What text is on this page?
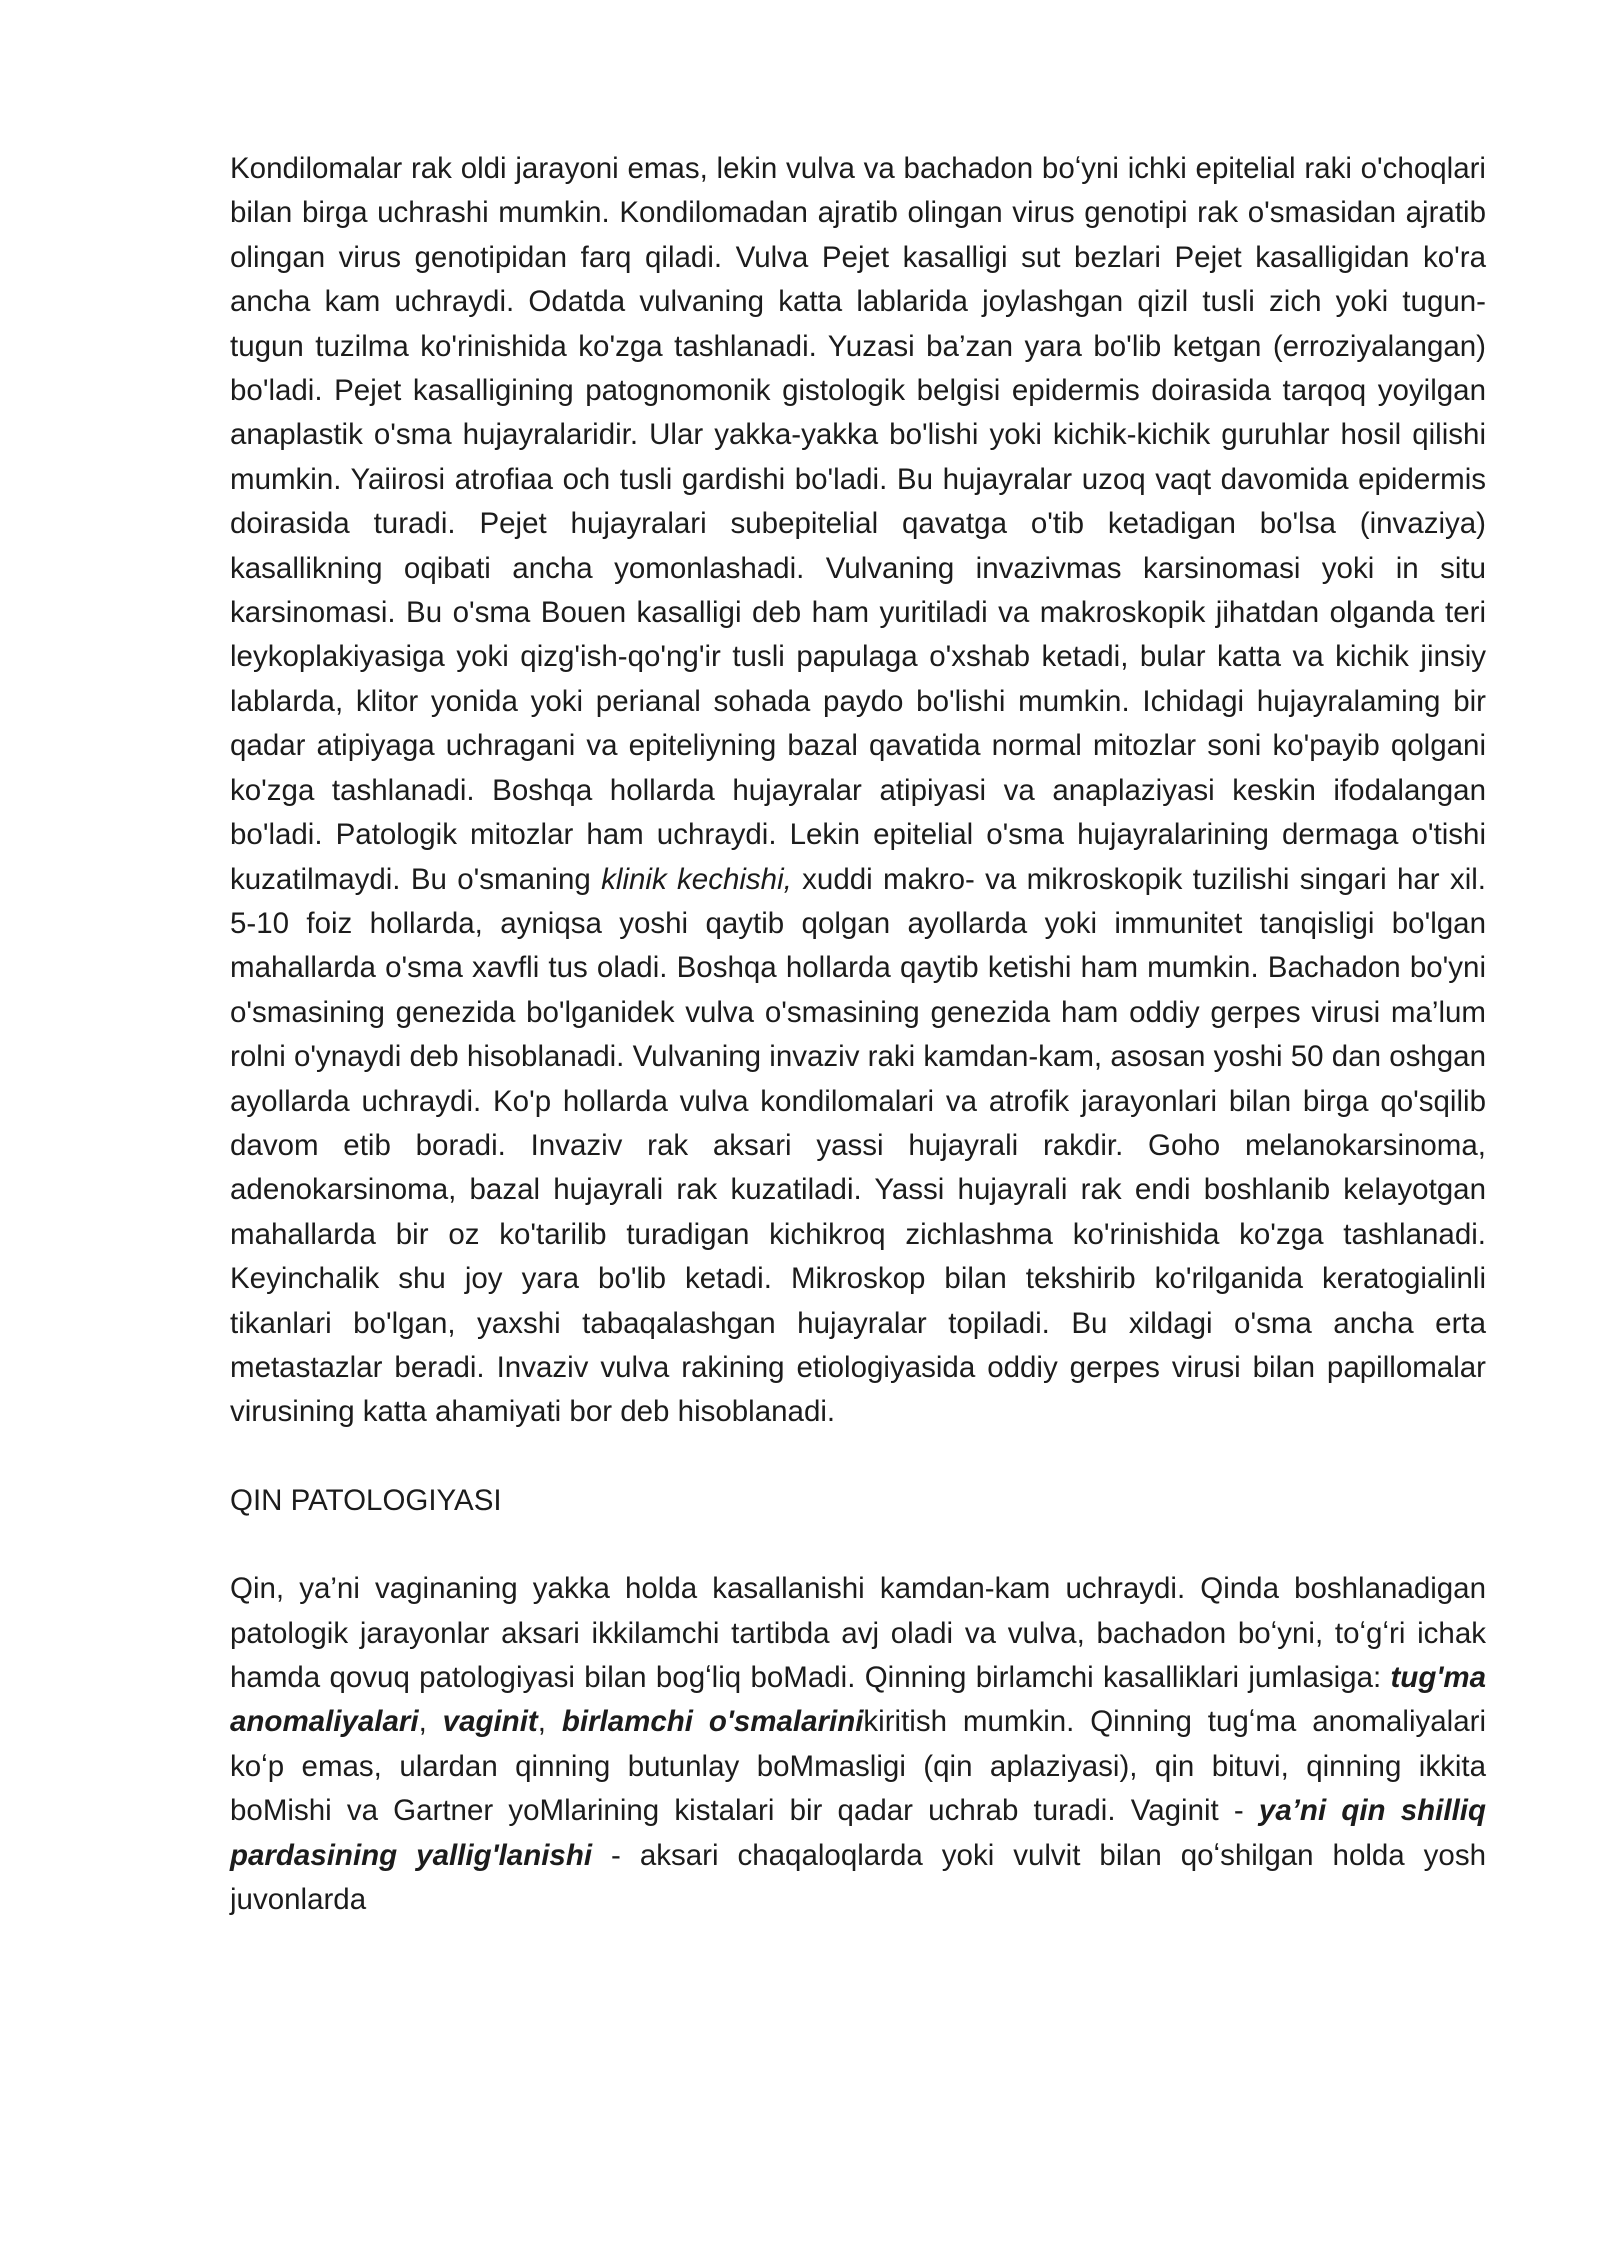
Kondilomalar rak oldi jarayoni emas, lekin vulva va bachadon boʻyni ichki epitelial raki o'choqlari bilan birga uchrashi mumkin. Kondilomadan ajratib olingan virus genotipi rak o'smasidan ajratib olingan virus genotipidan farq qiladi. Vulva Pejet kasalligi sut bezlari Pejet kasalligidan ko'ra ancha kam uchraydi. Odatda vulvaning katta lablarida joylashgan qizil tusli zich yoki tugun-tugun tuzilma ko'rinishida ko'zga tashlanadi. Yuzasi ba’zan yara bo'lib ketgan (erroziyalangan) bo'ladi. Pejet kasalligining patognomonik gistologik belgisi epidermis doirasida tarqoq yoyilgan anaplastik o'sma hujayralaridir. Ular yakka-yakka bo'lishi yoki kichik-kichik guruhlar hosil qilishi mumkin. Yaiirosi atrofiaa och tusli gardishi bo'ladi. Bu hujayralar uzoq vaqt davomida epidermis doirasida turadi. Pejet hujayralari subepitelial qavatga o'tib ketadigan bo'lsa (invaziya) kasallikning oqibati ancha yomonlashadi. Vulvaning invazivmas karsinomasi yoki in situ karsinomasi. Bu o'sma Bouen kasalligi deb ham yuritiladi va makroskopik jihatdan olganda teri leykoplakiyasiga yoki qizg'ish-qo'ng'ir tusli papulaga o'xshab ketadi, bular katta va kichik jinsiy lablarda, klitor yonida yoki perianal sohada paydo bo'lishi mumkin. Ichidagi hujayralaming bir qadar atipiyaga uchragani va epiteliyning bazal qavatida normal mitozlar soni ko'payib qolgani ko'zga tashlanadi. Boshqa hollarda hujayralar atipiyasi va anaplaziyasi keskin ifodalangan bo'ladi. Patologik mitozlar ham uchraydi. Lekin epitelial o'sma hujayralarining dermaga o'tishi kuzatilmaydi. Bu o'smaning klinik kechishi, xuddi makro- va mikroskopik tuzilishi singari har xil. 5-10 foiz hollarda, ayniqsa yoshi qaytib qolgan ayollarda yoki immunitet tanqisligi bo'lgan mahallarda o'sma xavfli tus oladi. Boshqa hollarda qaytib ketishi ham mumkin. Bachadon bo'yni o'smasining genezida bo'lganidek vulva o'smasining genezida ham oddiy gerpes virusi ma’lum rolni o'ynaydi deb hisoblanadi. Vulvaning invaziv raki kamdan-kam, asosan yoshi 50 dan oshgan ayollarda uchraydi. Ko'p hollarda vulva kondilomalari va atrofik jarayonlari bilan birga qo'sqilib davom etib boradi. Invaziv rak aksari yassi hujayrali rakdir. Goho melanokarsinoma, adenokarsinoma, bazal hujayrali rak kuzatiladi. Yassi hujayrali rak endi boshlanib kelayotgan mahallarda bir oz ko'tarilib turadigan kichikroq zichlashma ko'rinishida ko'zga tashlanadi. Keyinchalik shu joy yara bo'lib ketadi. Mikroskop bilan tekshirib ko'rilganida keratogialinli tikanlari bo'lgan, yaxshi tabaqalashgan hujayralar topiladi. Bu xildagi o'sma ancha erta metastazlar beradi. Invaziv vulva rakining etiologiyasida oddiy gerpes virusi bilan papillomalar virusining katta ahamiyati bor deb hisoblanadi.

QIN PATOLOGIYASI

Qin, ya’ni vaginaning yakka holda kasallanishi kamdan-kam uchraydi. Qinda boshlanadigan patologik jarayonlar aksari ikkilamchi tartibda avj oladi va vulva, bachadon boʻyni, toʻgʻri ichak hamda qovuq patologiyasi bilan bogʻliq boMadi. Qinning birlamchi kasalliklari jumlasiga: tug'ma anomaliyalari, vaginit, birlamchi o'smalarinikiritish mumkin. Qinning tugʻma anomaliyalari koʻp emas, ulardan qinning butunlay boMmasligi (qin aplaziyasi), qin bituvi, qinning ikkita boMishi va Gartner yoMlarining kistalari bir qadar uchrab turadi. Vaginit - ya’ni qin shilliq pardasining yallig'lanishi - aksari chaqaloqlarda yoki vulvit bilan qoʻshilgan holda yosh juvonlarda
